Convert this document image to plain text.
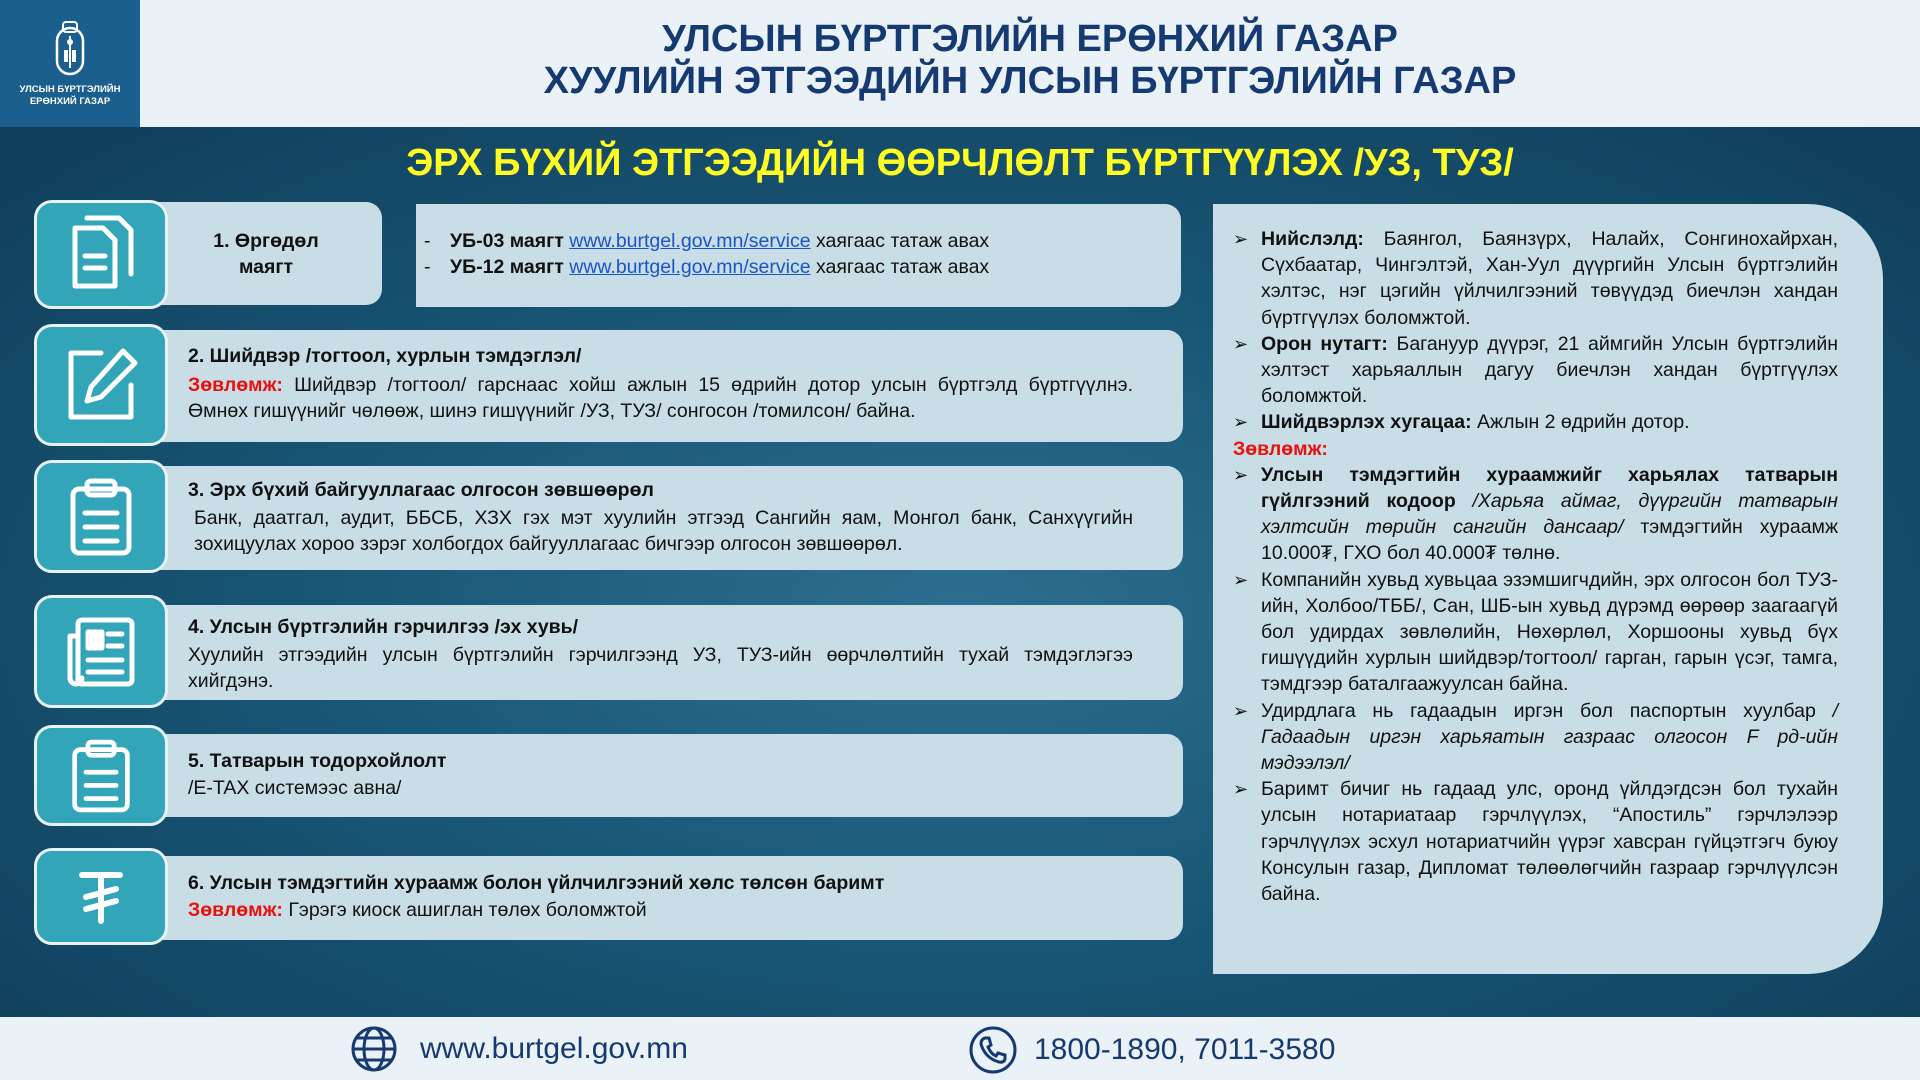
УЛСЫН БҮРТГЭЛИЙН
ЕРӨНХИЙ ГАЗАР
УЛСЫН БҮРТГЭЛИЙН ЕРӨНХИЙ ГАЗАР
ХУУЛИЙН ЭТГЭЭДИЙН УЛСЫН БҮРТГЭЛИЙН ГАЗАР
ЭРХ БҮХИЙ ЭТГЭЭДИЙН ӨӨРЧЛӨЛТ БҮРТГҮҮЛЭХ /УЗ, ТУЗ/
1. Өргөдөл
маягт
- УБ-03 маягт www.burtgel.gov.mn/service хаягаас татаж авах
- УБ-12 маягт www.burtgel.gov.mn/service хаягаас татаж авах
2. Шийдвэр /тогтоол, хурлын тэмдэглэл/

Зөвлөмж: Шийдвэр /тогтоол/ гарснаас хойш ажлын 15 өдрийн дотор улсын бүртгэлд бүртгүүлнэ. Өмнөх гишүүнийг чөлөөж, шинэ гишүүнийг /УЗ, ТУЗ/ сонгосон /томилсон/ байна.

3. Эрх бүхий байгууллагаас олгосон зөвшөөрөл

Банк, даатгал, аудит, ББСБ, ХЗХ гэх мэт хуулийн этгээд Сангийн яам, Монгол банк, Санхүүгийн зохицуулах хороо зэрэг холбогдох байгууллагаас бичгээр олгосон зөвшөөрөл.

4. Улсын бүртгэлийн гэрчилгээ /эх хувь/

Хуулийн этгээдийн улсын бүртгэлийн гэрчилгээнд УЗ, ТУЗ-ийн өөрчлөлтийн тухай тэмдэглэгээ хийгдэнэ.

5. Татварын тодорхойлолт

/E-TAX системээс авна/

6. Улсын тэмдэгтийн хураамж болон үйлчилгээний хөлс төлсөн баримт

Зөвлөмж: Гэрэгэ киоск ашиглан төлөх боломжтой

➢ Нийслэлд: Баянгол, Баянзүрх, Налайх, Сонгинохайрхан, Сүхбаатар, Чингэлтэй, Хан-Уул дүүргийн Улсын бүртгэлийн хэлтэс, нэг цэгийн үйлчилгээний төвүүдэд биечлэн хандан бүртгүүлэх боломжтой.
➢ Орон нутагт: Багануур дүүрэг, 21 аймгийн Улсын бүртгэлийн хэлтэст харьяаллын дагуу биечлэн хандан бүртгүүлэх боломжтой.
➢ Шийдвэрлэх хугацаа: Ажлын 2 өдрийн дотор.
Зөвлөмж:
➢ Улсын тэмдэгтийн хураамжийг харьялах татварын гүйлгээний кодоор /Харьяа аймаг, дүүргийн татварын хэлтсийн төрийн сангийн дансаар/ тэмдэгтийн хураамж 10.000₮, ГХО бол 40.000₮ төлнө.
➢ Компанийн хувьд хувьцаа эзэмшигчдийн, эрх олгосон бол ТУЗ-ийн, Холбоо/ТББ/, Сан, ШБ-ын хувьд дүрэмд өөрөөр заагаагүй бол удирдах зөвлөлийн, Нөхөрлөл, Хоршооны хувьд бүх гишүүдийн хурлын шийдвэр/тогтоол/ гарган, гарын үсэг, тамга, тэмдгээр баталгаажуулсан байна.
➢ Удирдлага нь гадаадын иргэн бол паспортын хуулбар /Гадаадын иргэн харьяатын газраас олгосон F рд-ийн мэдээлэл/
➢ Баримт бичиг нь гадаад улс, оронд үйлдэгдсэн бол тухайн улсын нотариатаар гэрчлүүлэх, “Апостиль” гэрчлэлээр гэрчлүүлэх эсхул нотариатчийн үүрэг хавсран гүйцэтгэгч буюу Консулын газар, Дипломат төлөөлөгчийн газраар гэрчлүүлсэн байна.
www.burtgel.gov.mn	1800-1890, 7011-3580
